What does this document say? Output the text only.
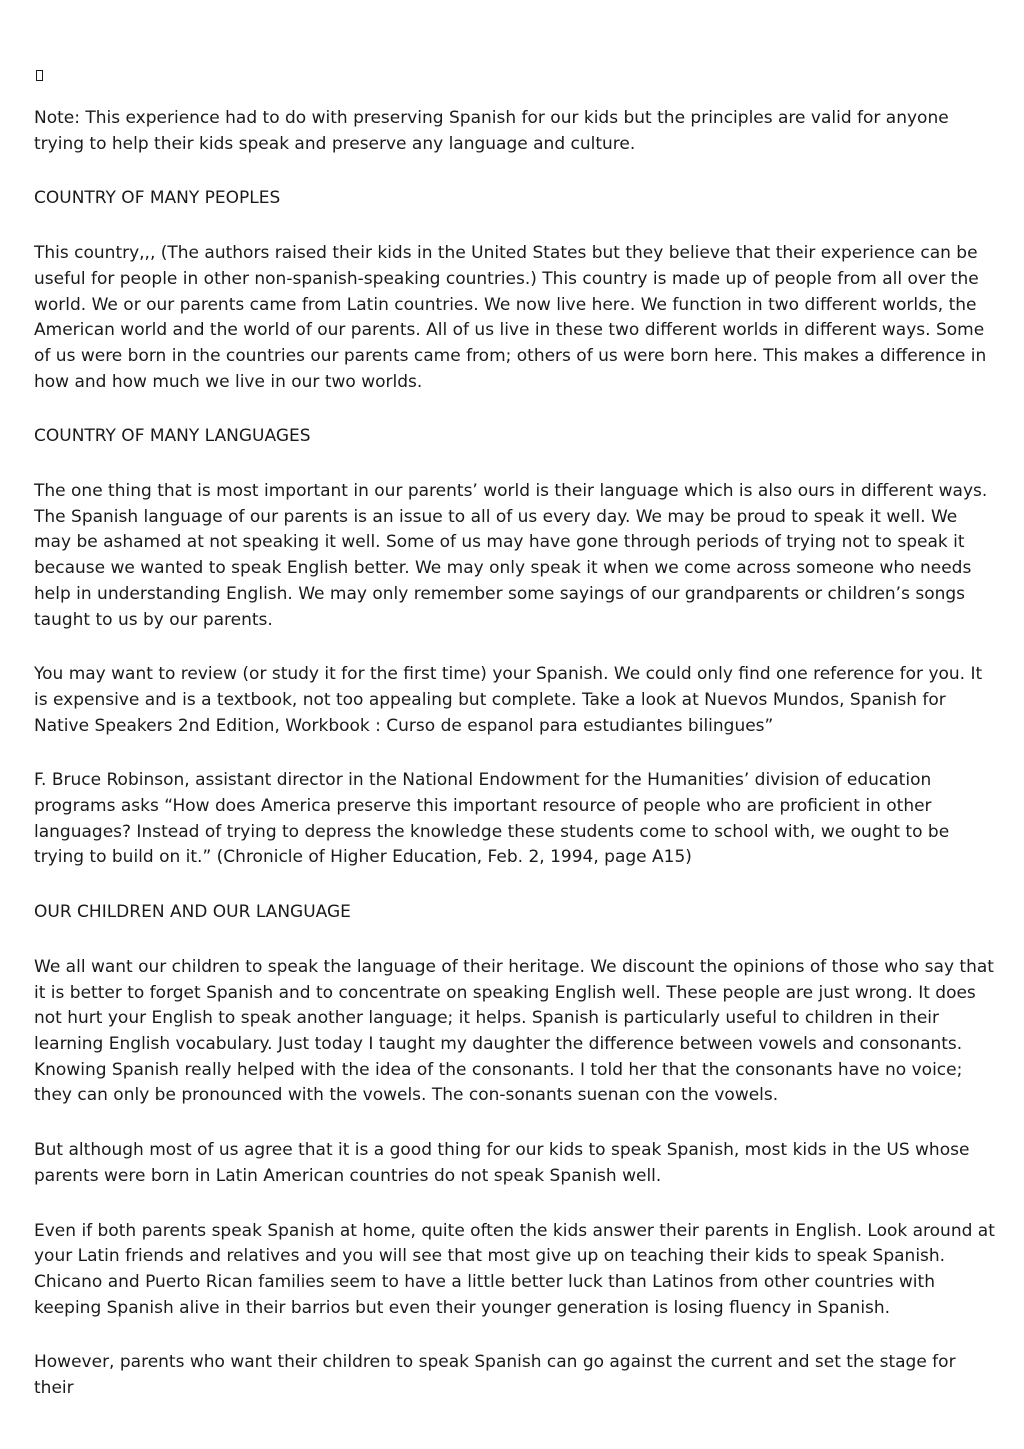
Note: This experience had to do with preserving Spanish for our kids but the principles are valid for anyone trying to help their kids speak and preserve any language and culture.

COUNTRY OF MANY PEOPLES

This country,,, (The authors raised their kids in the United States but they believe that their experience can be useful for people in other non-spanish-speaking countries.) This country is made up of people from all over the world. We or our parents came from Latin countries. We now live here. We function in two different worlds, the American world and the world of our parents. All of us live in these two different worlds in different ways. Some of us were born in the countries our parents came from; others of us were born here. This makes a difference in how and how much we live in our two worlds.

COUNTRY OF MANY LANGUAGES

The one thing that is most important in our parents’ world is their language which is also ours in different ways. The Spanish language of our parents is an issue to all of us every day. We may be proud to speak it well. We may be ashamed at not speaking it well. Some of us may have gone through periods of trying not to speak it because we wanted to speak English better. We may only speak it when we come across someone who needs help in understanding English. We may only remember some sayings of our grandparents or children’s songs taught to us by our parents.

You may want to review (or study it for the first time) your Spanish. We could only find one reference for you. It is expensive and is a textbook, not too appealing but complete. Take a look at Nuevos Mundos, Spanish for Native Speakers 2nd Edition, Workbook : Curso de espanol para estudiantes bilingues”

F. Bruce Robinson, assistant director in the National Endowment for the Humanities’ division of education programs asks “How does America preserve this important resource of people who are proficient in other languages? Instead of trying to depress the knowledge these students come to school with, we ought to be trying to build on it.” (Chronicle of Higher Education, Feb. 2, 1994, page A15)

OUR CHILDREN AND OUR LANGUAGE

We all want our children to speak the language of their heritage. We discount the opinions of those who say that it is better to forget Spanish and to concentrate on speaking English well. These people are just wrong. It does not hurt your English to speak another language; it helps. Spanish is particularly useful to children in their learning English vocabulary. Just today I taught my daughter the difference between vowels and consonants. Knowing Spanish really helped with the idea of the consonants. I told her that the consonants have no voice; they can only be pronounced with the vowels. The con-sonants suenan con the vowels.

But although most of us agree that it is a good thing for our kids to speak Spanish, most kids in the US whose parents were born in Latin American countries do not speak Spanish well.

Even if both parents speak Spanish at home, quite often the kids answer their parents in English. Look around at your Latin friends and relatives and you will see that most give up on teaching their kids to speak Spanish. Chicano and Puerto Rican families seem to have a little better luck than Latinos from other countries with keeping Spanish alive in their barrios but even their younger generation is losing fluency in Spanish.

However, parents who want their children to speak Spanish can go against the current and set the stage for their
